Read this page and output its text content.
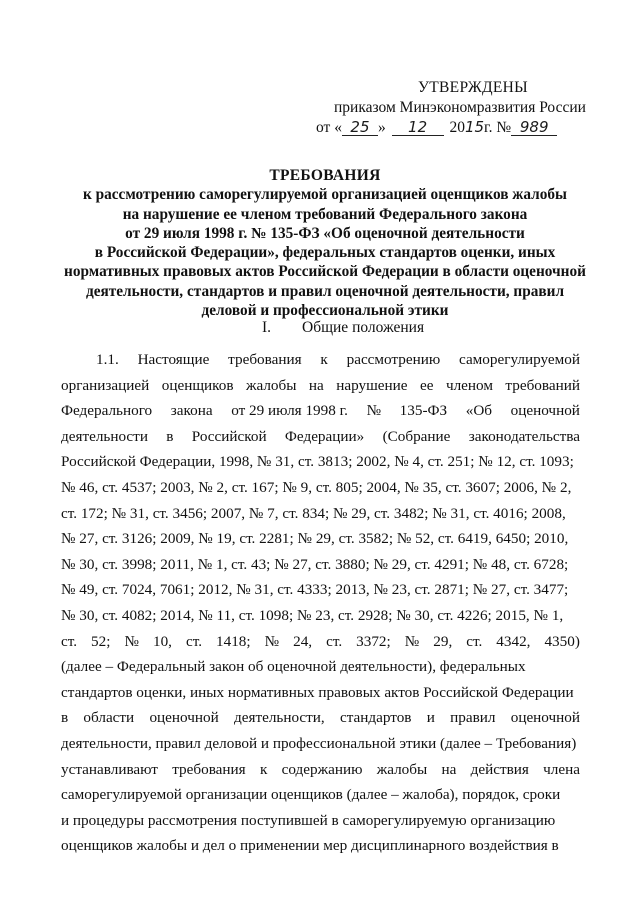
УТВЕРЖДЕНЫ
приказом Минэкономразвития России
от « 25 » 12 2015г. № 989
ТРЕБОВАНИЯ
к рассмотрению саморегулируемой организацией оценщиков жалобы
на нарушение ее членом требований Федерального закона
от 29 июля 1998 г. № 135-ФЗ «Об оценочной деятельности
в Российской Федерации», федеральных стандартов оценки, иных
нормативных правовых актов Российской Федерации в области оценочной
деятельности, стандартов и правил оценочной деятельности, правил
деловой и профессиональной этики
I. Общие положения
1.1. Настоящие требования к рассмотрению саморегулируемой
организацией оценщиков жалобы на нарушение ее членом требований
Федерального закона от 29 июля 1998 г. № 135-ФЗ «Об оценочной
деятельности в Российской Федерации» (Собрание законодательства
Российской Федерации, 1998, № 31, ст. 3813; 2002, № 4, ст. 251; № 12, ст. 1093;
№ 46, ст. 4537; 2003, № 2, ст. 167; № 9, ст. 805; 2004, № 35, ст. 3607; 2006, № 2,
ст. 172; № 31, ст. 3456; 2007, № 7, ст. 834; № 29, ст. 3482; № 31, ст. 4016; 2008,
№ 27, ст. 3126; 2009, № 19, ст. 2281; № 29, ст. 3582; № 52, ст. 6419, 6450; 2010,
№ 30, ст. 3998; 2011, № 1, ст. 43; № 27, ст. 3880; № 29, ст. 4291; № 48, ст. 6728;
№ 49, ст. 7024, 7061; 2012, № 31, ст. 4333; 2013, № 23, ст. 2871; № 27, ст. 3477;
№ 30, ст. 4082; 2014, № 11, ст. 1098; № 23, ст. 2928; № 30, ст. 4226; 2015, № 1,
ст. 52; № 10, ст. 1418; № 24, ст. 3372; № 29, ст. 4342, 4350)
(далее – Федеральный закон об оценочной деятельности), федеральных
стандартов оценки, иных нормативных правовых актов Российской Федерации
в области оценочной деятельности, стандартов и правил оценочной
деятельности, правил деловой и профессиональной этики (далее – Требования)
устанавливают требования к содержанию жалобы на действия члена
саморегулируемой организации оценщиков (далее – жалоба), порядок, сроки
и процедуры рассмотрения поступившей в саморегулируемую организацию
оценщиков жалобы и дел о применении мер дисциплинарного воздействия в
